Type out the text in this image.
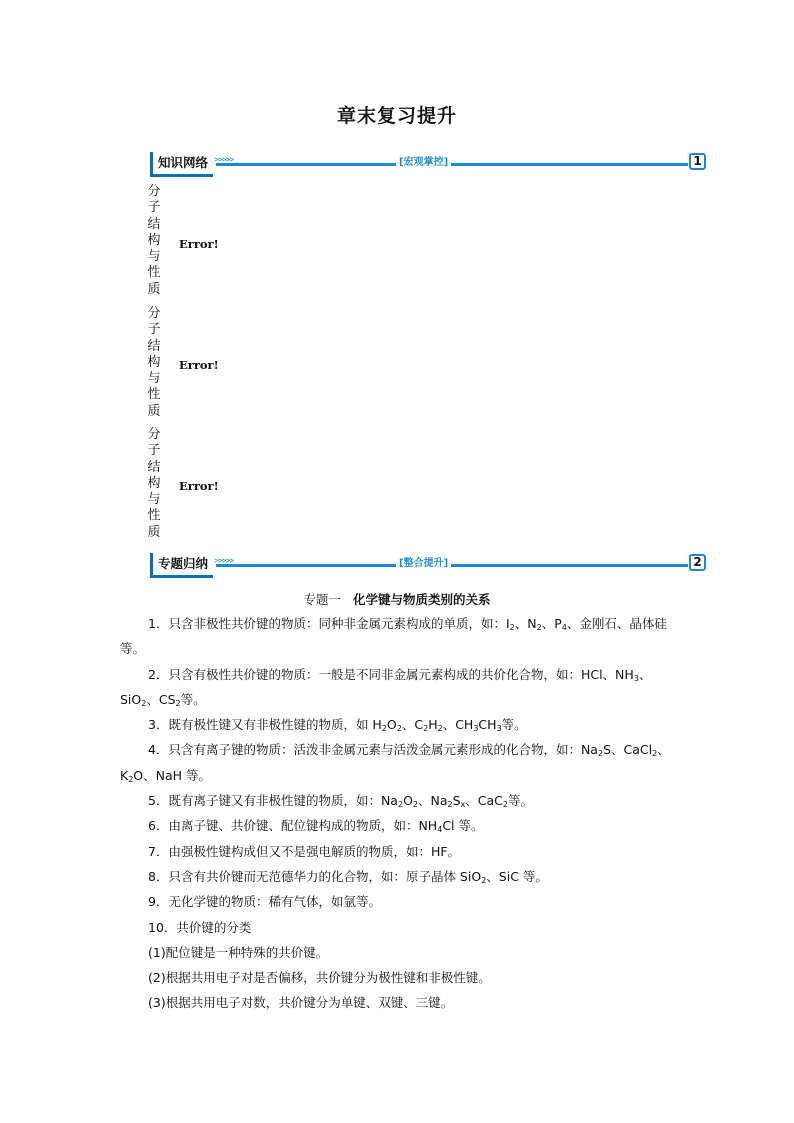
章末复习提升
知识网络 >>>>>	[宏观掌控]	1
分
子
结
构
与
性
质
Error!
分
子
结
构
与
性
质
Error!
分
子
结
构
与
性
质
Error!
专题归纳 >>>>>	[整合提升]	2
专题一 化学键与物质类别的关系

1．只含非极性共价键的物质：同种非金属元素构成的单质，如：$I_2$、$N_2$、$P_4$、金刚石、晶体硅等。

2．只含有极性共价键的物质：一般是不同非金属元素构成的共价化合物，如：HCl、$NH_3$、SiO$_2$、$CS_2$等。

3．既有极性键又有非极性键的物质，如 $H_2O_2$、$C_2H_2$、$CH_3CH_3$等。

4．只含有离子键的物质：活泼非金属元素与活泼金属元素形成的化合物，如：$Na_2S$、CaCl$_2$、$K_2O$、NaH 等。

5．既有离子键又有非极性键的物质，如：$Na_2O_2$、$Na_2S_x$、CaC$_2$等。

6．由离子键、共价键、配位键构成的物质，如：$NH_4Cl$ 等。

7．由强极性键构成但又不是强电解质的物质，如：HF。

8．只含有共价键而无范德华力的化合物，如：原子晶体 SiO$_2$、SiC 等。

9．无化学键的物质：稀有气体，如氩等。

10．共价键的分类

(1)配位键是一种特殊的共价键。

(2)根据共用电子对是否偏移，共价键分为极性键和非极性键。

(3)根据共用电子对数，共价键分为单键、双键、三键。
